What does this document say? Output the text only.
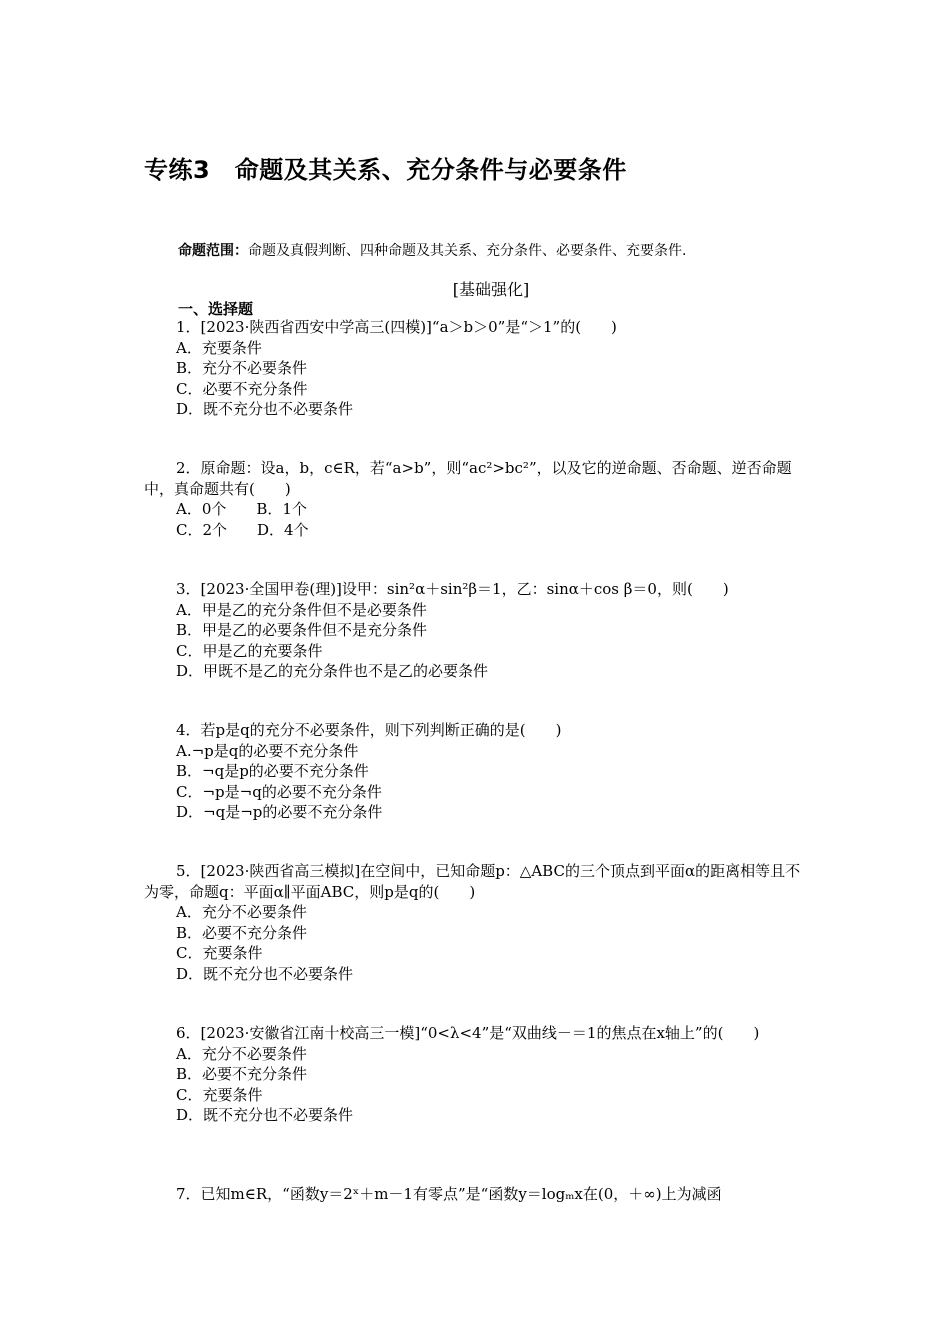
专练3　命题及其关系、充分条件与必要条件
命题范围：命题及真假判断、四种命题及其关系、充分条件、必要条件、充要条件.
[基础强化]
一、选择题

1．[2023·陕西省西安中学高三(四模)]“a＞b＞0”是“＞1”的(　　)

A．充要条件

B．充分不必要条件

C．必要不充分条件

D．既不充分也不必要条件

2．原命题：设a，b，c∈R，若“a>b”，则“ac²>bc²”，以及它的逆命题、否命题、逆否命题中，真命题共有(　　)

A．0个　　B．1个

C．2个　　D．4个

3．[2023·全国甲卷(理)]设甲：sin²α＋sin²β＝1，乙：sinα＋cos β＝0，则(　　)

A．甲是乙的充分条件但不是必要条件

B．甲是乙的必要条件但不是充分条件

C．甲是乙的充要条件

D．甲既不是乙的充分条件也不是乙的必要条件

4．若p是q的充分不必要条件，则下列判断正确的是(　　)

A.¬p是q的必要不充分条件

B．¬q是p的必要不充分条件

C．¬p是¬q的必要不充分条件

D．¬q是¬p的必要不充分条件

5．[2023·陕西省高三模拟]在空间中，已知命题p：△ABC的三个顶点到平面α的距离相等且不为零，命题q：平面α∥平面ABC，则p是q的(　　)

A．充分不必要条件

B．必要不充分条件

C．充要条件

D．既不充分也不必要条件

6．[2023·安徽省江南十校高三一模]“0<λ<4”是“双曲线－＝1的焦点在x轴上”的(　　)

A．充分不必要条件

B．必要不充分条件

C．充要条件

D．既不充分也不必要条件

7．已知m∈R，“函数y＝2ˣ＋m－1有零点”是“函数y＝logₘx在(0，＋∞)上为减函
